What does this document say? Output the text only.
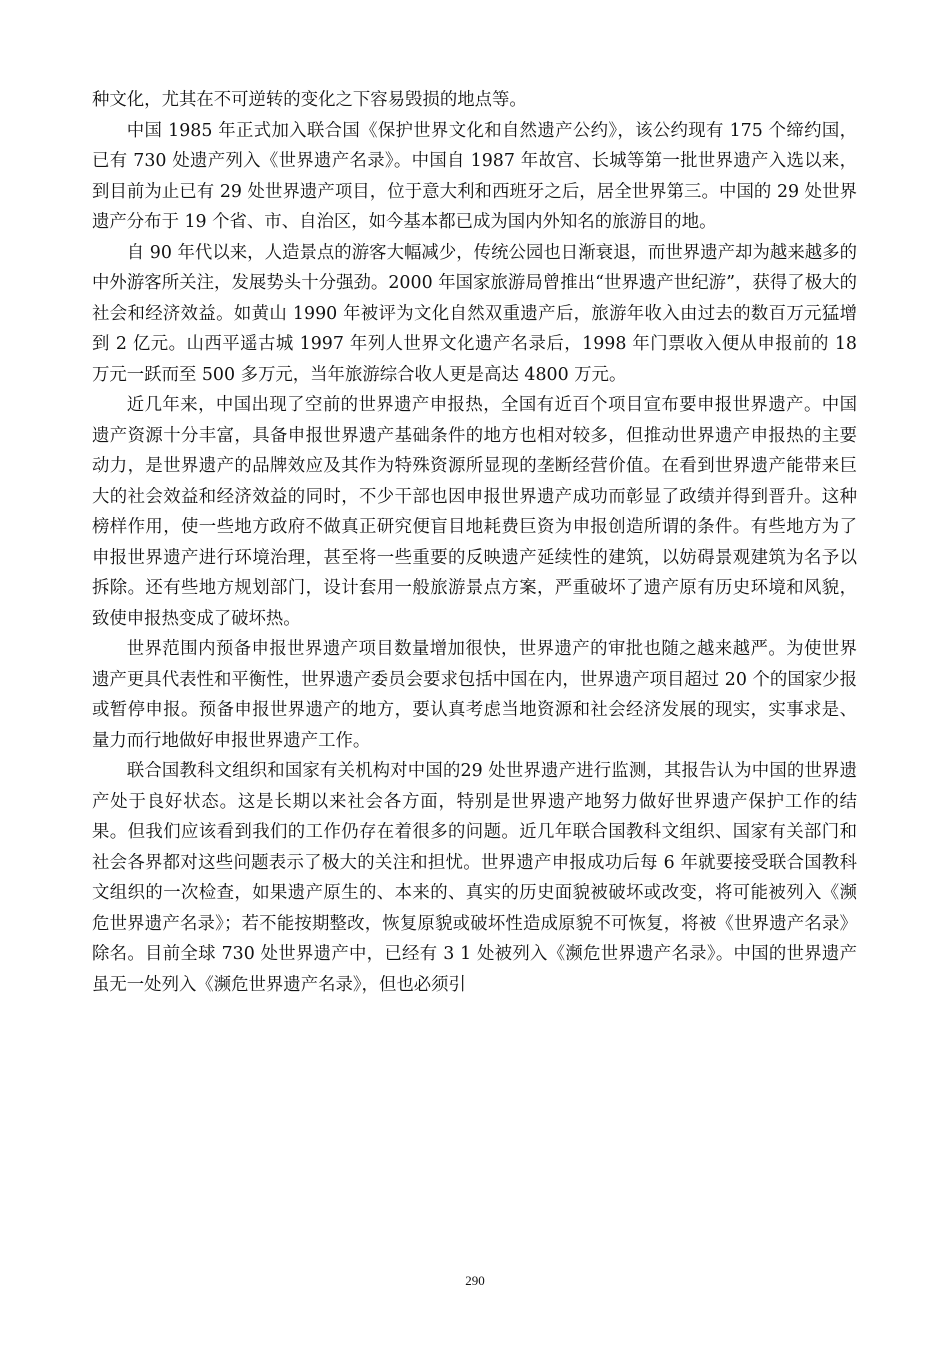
种文化，尤其在不可逆转的变化之下容易毁损的地点等。

中国 1985 年正式加入联合国《保护世界文化和自然遗产公约》，该公约现有 175 个缔约国，已有 730 处遗产列入《世界遗产名录》。中国自 1987 年故宫、长城等第一批世界遗产入选以来，到目前为止已有 29 处世界遗产项目，位于意大利和西班牙之后，居全世界第三。中国的 29 处世界遗产分布于 19 个省、市、自治区，如今基本都已成为国内外知名的旅游目的地。

自 90 年代以来，人造景点的游客大幅减少，传统公园也日渐衰退，而世界遗产却为越来越多的中外游客所关注，发展势头十分强劲。2000 年国家旅游局曾推出“世界遗产世纪游”，获得了极大的社会和经济效益。如黄山 1990 年被评为文化自然双重遗产后，旅游年收入由过去的数百万元猛增到 2 亿元。山西平遥古城 1997 年列人世界文化遗产名录后，1998 年门票收入便从申报前的 18 万元一跃而至 500 多万元，当年旅游综合收人更是高达 4800 万元。

近几年来，中国出现了空前的世界遗产申报热，全国有近百个项目宣布要申报世界遗产。中国遗产资源十分丰富，具备申报世界遗产基础条件的地方也相对较多，但推动世界遗产申报热的主要动力，是世界遗产的品牌效应及其作为特殊资源所显现的垄断经营价值。在看到世界遗产能带来巨大的社会效益和经济效益的同时，不少干部也因申报世界遗产成功而彰显了政绩并得到晋升。这种榜样作用，使一些地方政府不做真正研究便盲目地耗费巨资为申报创造所谓的条件。有些地方为了申报世界遗产进行环境治理，甚至将一些重要的反映遗产延续性的建筑，以妨碍景观建筑为名予以拆除。还有些地方规划部门，设计套用一般旅游景点方案，严重破坏了遗产原有历史环境和风貌，致使申报热变成了破坏热。

世界范围内预备申报世界遗产项目数量增加很快，世界遗产的审批也随之越来越严。为使世界遗产更具代表性和平衡性，世界遗产委员会要求包括中国在内，世界遗产项目超过 20 个的国家少报或暂停申报。预备申报世界遗产的地方，要认真考虑当地资源和社会经济发展的现实，实事求是、量力而行地做好申报世界遗产工作。

联合国教科文组织和国家有关机构对中国的29 处世界遗产进行监测，其报告认为中国的世界遗产处于良好状态。这是长期以来社会各方面，特别是世界遗产地努力做好世界遗产保护工作的结果。但我们应该看到我们的工作仍存在着很多的问题。近几年联合国教科文组织、国家有关部门和社会各界都对这些问题表示了极大的关注和担忧。世界遗产申报成功后每 6 年就要接受联合国教科文组织的一次检查，如果遗产原生的、本来的、真实的历史面貌被破坏或改变，将可能被列入《濒危世界遗产名录》；若不能按期整改，恢复原貌或破坏性造成原貌不可恢复，将被《世界遗产名录》除名。目前全球 730 处世界遗产中，已经有 3 1 处被列入《濒危世界遗产名录》。中国的世界遗产虽无一处列入《濒危世界遗产名录》，但也必须引

290
